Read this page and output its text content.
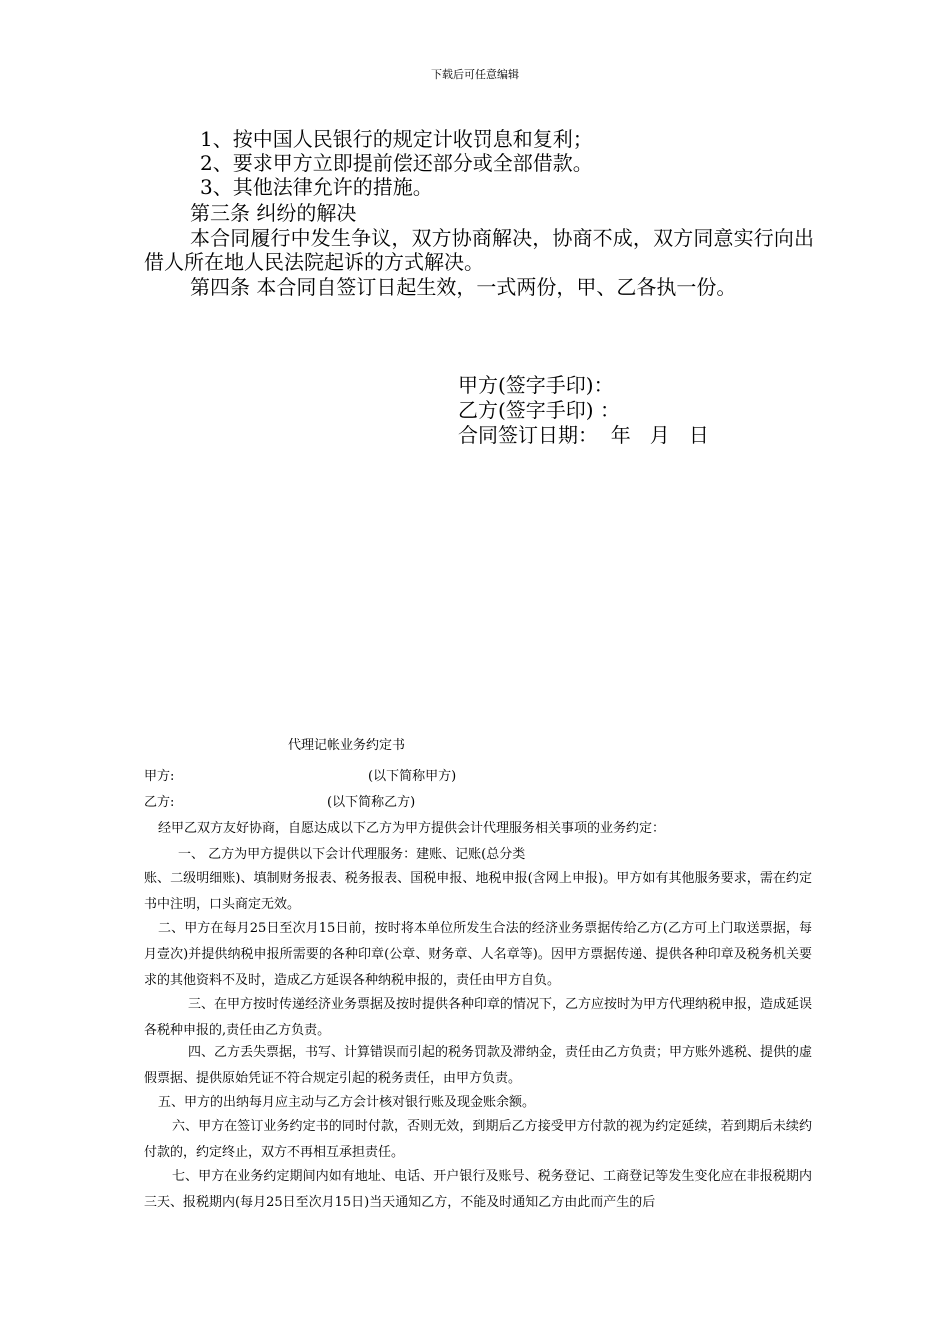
下载后可任意编辑
1、按中国人民银行的规定计收罚息和复利；
2、要求甲方立即提前偿还部分或全部借款。
3、其他法律允许的措施。
第三条 纠纷的解决
本合同履行中发生争议，双方协商解决，协商不成，双方同意实行向出借人所在地人民法院起诉的方式解决。
第四条 本合同自签订日起生效，一式两份，甲、乙各执一份。
甲方(签字手印)：
乙方(签字手印) ：
合同签订日期：  年   月   日
代理记帐业务约定书
甲方:	(以下简称甲方)
乙方:	(以下简称乙方)
经甲乙双方友好协商，自愿达成以下乙方为甲方提供会计代理服务相关事项的业务约定：
一、 乙方为甲方提供以下会计代理服务：建账、记账(总分类
账、二级明细账)、填制财务报表、税务报表、国税申报、地税申报(含网上申报)。甲方如有其他服务要求，需在约定书中注明，口头商定无效。
二、甲方在每月25日至次月15日前，按时将本单位所发生合法的经济业务票据传给乙方(乙方可上门取送票据，每月壹次)并提供纳税申报所需要的各种印章(公章、财务章、人名章等)。因甲方票据传递、提供各种印章及税务机关要求的其他资料不及时，造成乙方延误各种纳税申报的，责任由甲方自负。
三、在甲方按时传递经济业务票据及按时提供各种印章的情况下，乙方应按时为甲方代理纳税申报，造成延误各税种申报的,责任由乙方负责。
四、乙方丢失票据，书写、计算错误而引起的税务罚款及滞纳金，责任由乙方负责；甲方账外逃税、提供的虚假票据、提供原始凭证不符合规定引起的税务责任，由甲方负责。
五、甲方的出纳每月应主动与乙方会计核对银行账及现金账余额。
六、甲方在签订业务约定书的同时付款，否则无效，到期后乙方接受甲方付款的视为约定延续，若到期后未续约付款的，约定终止，双方不再相互承担责任。
七、甲方在业务约定期间内如有地址、电话、开户银行及账号、税务登记、工商登记等发生变化应在非报税期内三天、报税期内(每月25日至次月15日)当天通知乙方，不能及时通知乙方由此而产生的后
